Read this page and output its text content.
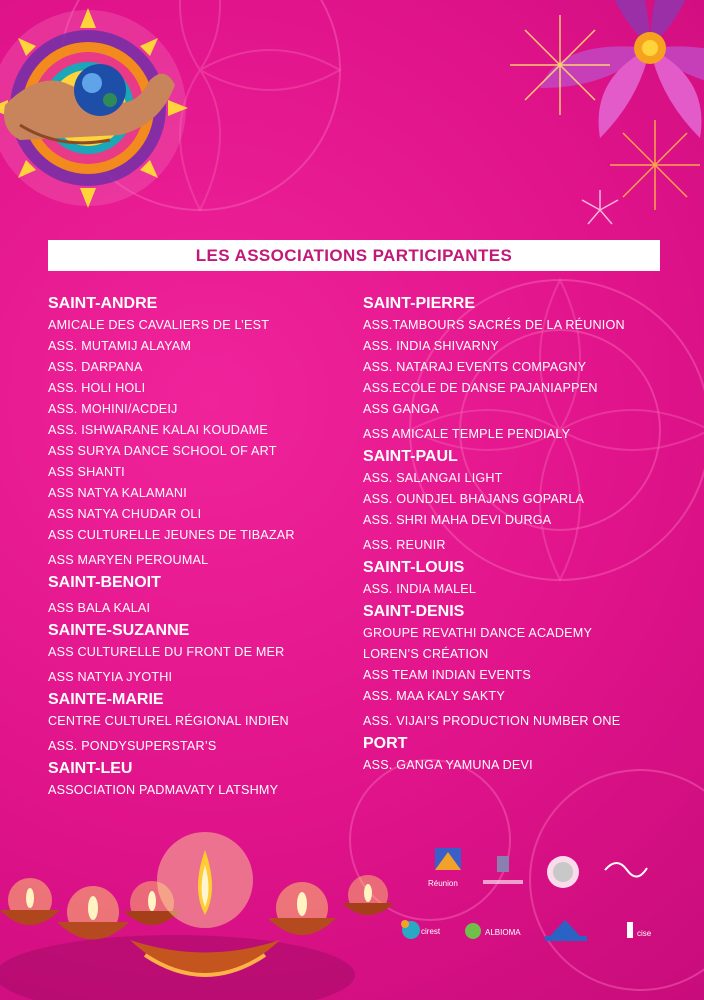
LES ASSOCIATIONS PARTICIPANTES
SAINT-ANDRE
AMICALE DES CAVALIERS DE L’EST
ASS. MUTAMIJ ALAYAM
ASS. DARPANA
ASS. HOLI HOLI
ASS. MOHINI/ACDEIJ
ASS. ISHWARANE KALAI KOUDAME
ASS SURYA DANCE SCHOOL OF ART
ASS SHANTI
ASS NATYA KALAMANI
ASS NATYA CHUDAR OLI
ASS CULTURELLE JEUNES DE TIBAZAR
ASS MARYEN PEROUMAL
SAINT-BENOIT
ASS BALA KALAI
SAINTE-SUZANNE
ASS CULTURELLE DU FRONT DE MER
ASS NATYIA JYOTHI
SAINTE-MARIE
CENTRE CULTUREL RÉGIONAL INDIEN
ASS. PONDYSUPERSTAR’S
SAINT-LEU
ASSOCIATION PADMAVATY LATSHMY
SAINT-PIERRE
ASS.TAMBOURS SACRÉS DE LA RÉUNION
ASS. INDIA SHIVARNY
ASS. NATARAJ EVENTS COMPAGNY
ASS.ECOLE DE DANSE PAJANIAPPEN
ASS GANGA
ASS AMICALE TEMPLE PENDIALY
SAINT-PAUL
ASS. SALANGAI LIGHT
ASS. OUNDJEL BHAJANS GOPARLA
ASS. SHRI MAHA DEVI DURGA
ASS. REUNIR
SAINT-LOUIS
ASS. INDIA MALEL
SAINT-DENIS
GROUPE REVATHI DANCE ACADEMY
LOREN’S CRÉATION
ASS TEAM INDIAN EVENTS
ASS. MAA KALY SAKTY
ASS. VIJAI’S PRODUCTION NUMBER ONE
PORT
ASS. GANGA YAMUNA DEVI
Réunion
cirest	ALBIOMA	cise
